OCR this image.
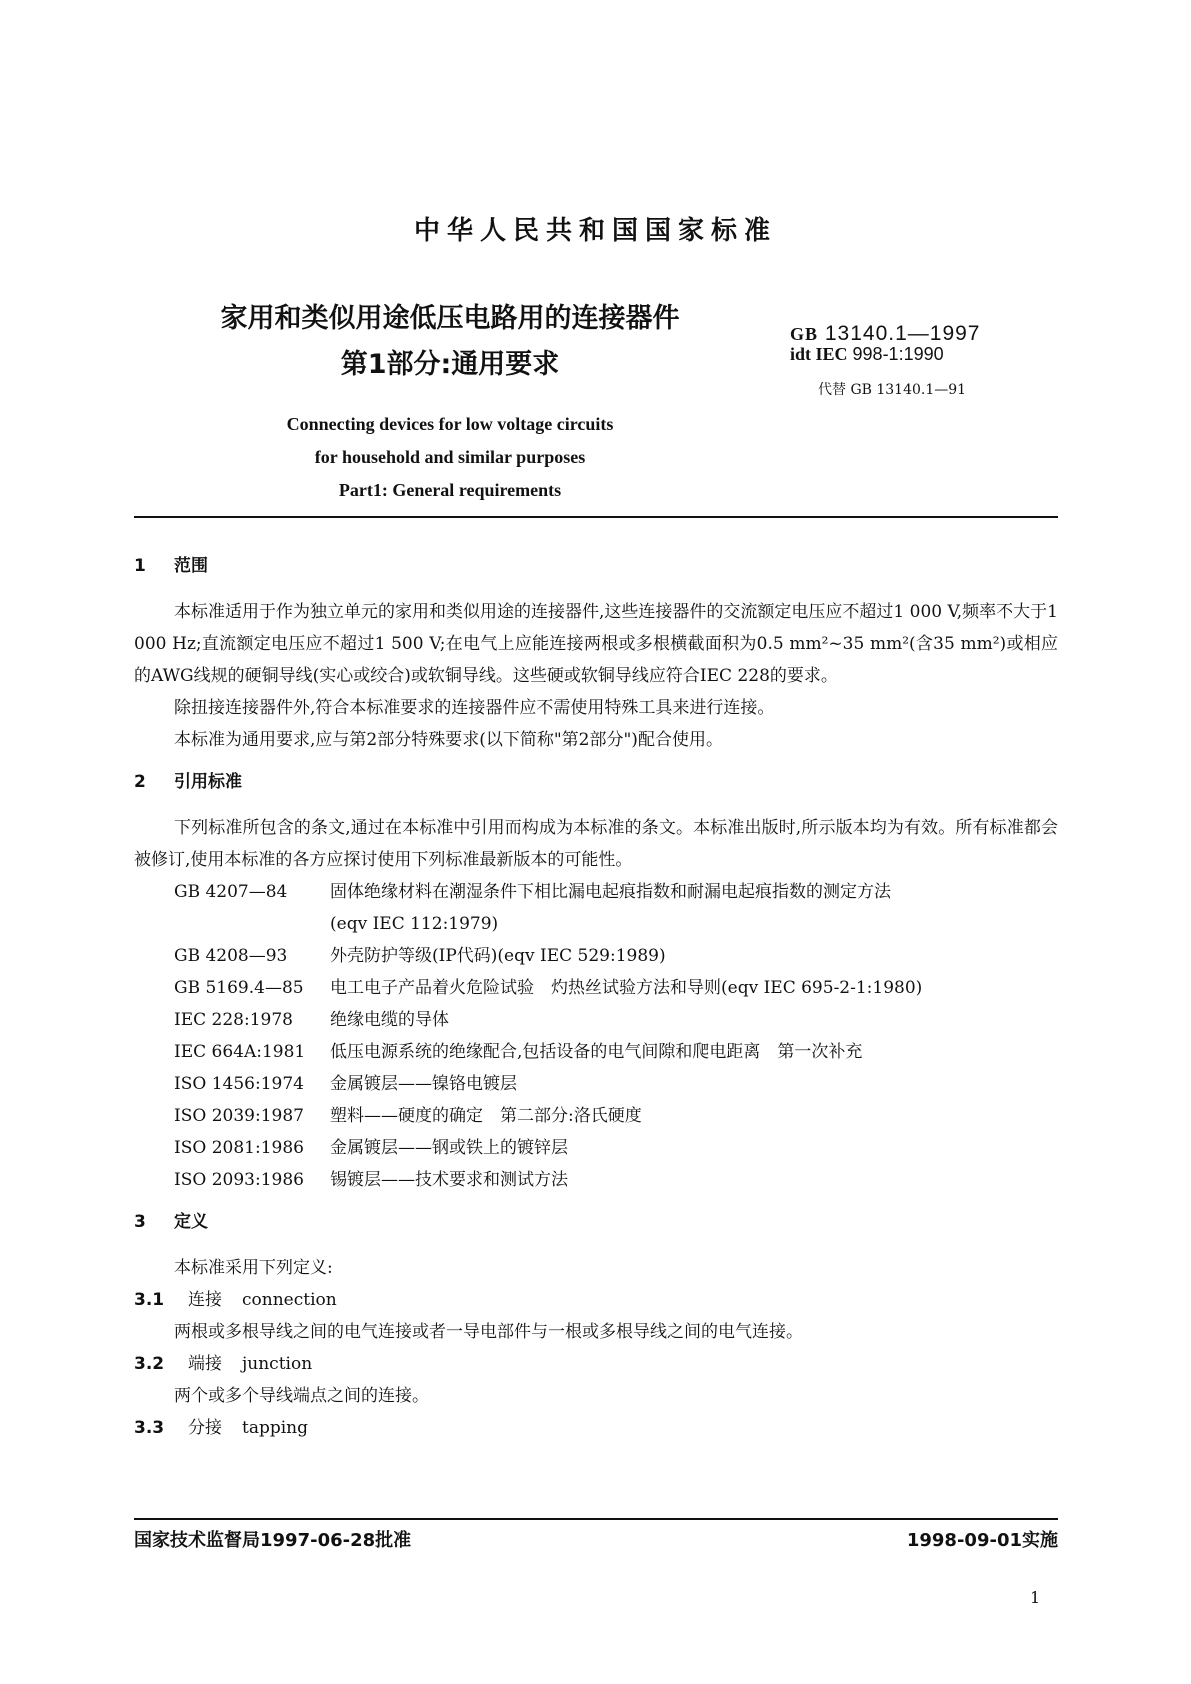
中华人民共和国国家标准
家用和类似用途低压电路用的连接器件
第1部分:通用要求
GB 13140.1—1997
idt IEC 998-1:1990
代替 GB 13140.1—91
Connecting devices for low voltage circuits
for household and similar purposes
Part1: General requirements
1 范围

本标准适用于作为独立单元的家用和类似用途的连接器件,这些连接器件的交流额定电压应不超过1 000 V,频率不大于1 000 Hz;直流额定电压应不超过1 500 V;在电气上应能连接两根或多根横截面积为0.5 mm²~35 mm²(含35 mm²)或相应的AWG线规的硬铜导线(实心或绞合)或软铜导线。这些硬或软铜导线应符合IEC 228的要求。

除扭接连接器件外,符合本标准要求的连接器件应不需使用特殊工具来进行连接。

本标准为通用要求,应与第2部分特殊要求(以下简称"第2部分")配合使用。

2 引用标准

下列标准所包含的条文,通过在本标准中引用而构成为本标准的条文。本标准出版时,所示版本均为有效。所有标准都会被修订,使用本标准的各方应探讨使用下列标准最新版本的可能性。

GB 4207—84	固体绝缘材料在潮湿条件下相比漏电起痕指数和耐漏电起痕指数的测定方法
(eqv IEC 112:1979)
GB 4208—93	外壳防护等级(IP代码)(eqv IEC 529:1989)
GB 5169.4—85	电工电子产品着火危险试验　灼热丝试验方法和导则(eqv IEC 695-2-1:1980)
IEC 228:1978	绝缘电缆的导体
IEC 664A:1981	低压电源系统的绝缘配合,包括设备的电气间隙和爬电距离　第一次补充
ISO 1456:1974	金属镀层——镍铬电镀层
ISO 2039:1987	塑料——硬度的确定　第二部分:洛氏硬度
ISO 2081:1986	金属镀层——钢或铁上的镀锌层
ISO 2093:1986	锡镀层——技术要求和测试方法
3 定义

本标准采用下列定义:

3.1	连接 connection

两根或多根导线之间的电气连接或者一导电部件与一根或多根导线之间的电气连接。

3.2	端接 junction

两个或多个导线端点之间的连接。

3.3	分接 tapping
国家技术监督局1997-06-28批准	1998-09-01实施
1
